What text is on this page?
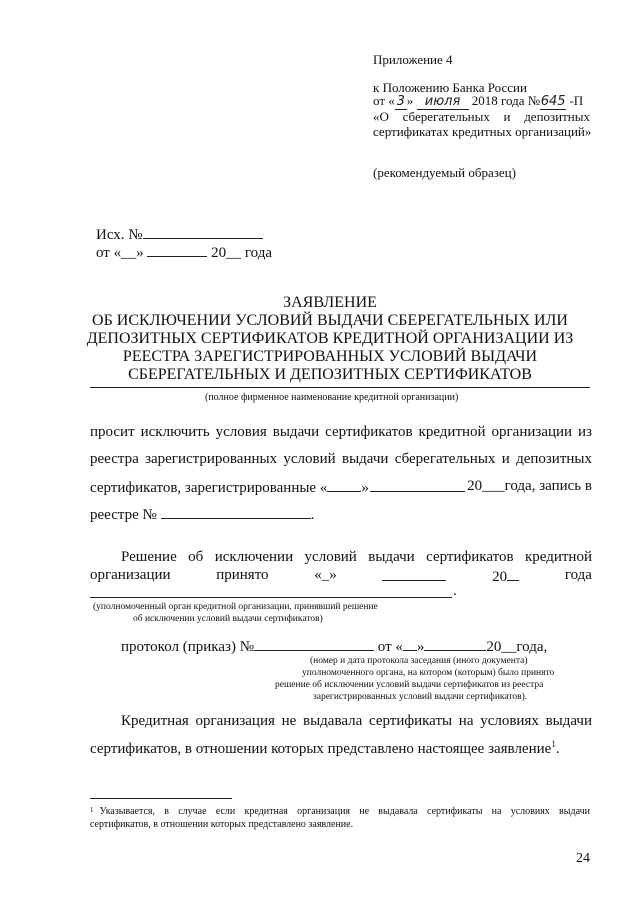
Приложение 4
к Положению Банка России
от « 3 » июля 2018 года №645 -П
«О сберегательных и депозитных
сертификатах кредитных организаций»
(рекомендуемый образец)
Исх. №
от «__»	20__ года
ЗАЯВЛЕНИЕ
ОБ ИСКЛЮЧЕНИИ УСЛОВИЙ ВЫДАЧИ СБЕРЕГАТЕЛЬНЫХ ИЛИ
ДЕПОЗИТНЫХ СЕРТИФИКАТОВ КРЕДИТНОЙ ОРГАНИЗАЦИИ ИЗ
РЕЕСТРА ЗАРЕГИСТРИРОВАННЫХ УСЛОВИЙ ВЫДАЧИ
СБЕРЕГАТЕЛЬНЫХ И ДЕПОЗИТНЫХ СЕРТИФИКАТОВ
(полное фирменное наименование кредитной организации)
просит исключить условия выдачи сертификатов кредитной организации из
реестра зарегистрированных условий выдачи сберегательных и депозитных
сертификатов, зарегистрированные « »	20___года, запись в
реестре №	.
Решение об исключении условий выдачи сертификатов кредитной
организации	принято	«_»	20	года
.
(уполномоченный орган кредитной организации, принявший решение
об исключении условий выдачи сертификатов)
протокол (приказ) №	от « »	20__года,
(номер и дата протокола заседания (иного документа)
уполномоченного органа, на котором (которым) было принято
решение об исключении условий выдачи сертификатов из реестра
зарегистрированных условий выдачи сертификатов).
Кредитная организация не выдавала сертификаты на условиях выдачи
сертификатов, в отношении которых представлено настоящее заявление$^1$.
1 Указывается, в случае если кредитная организация не выдавала сертификаты на условиях выдачи
сертификатов, в отношении которых представлено заявление.
24
